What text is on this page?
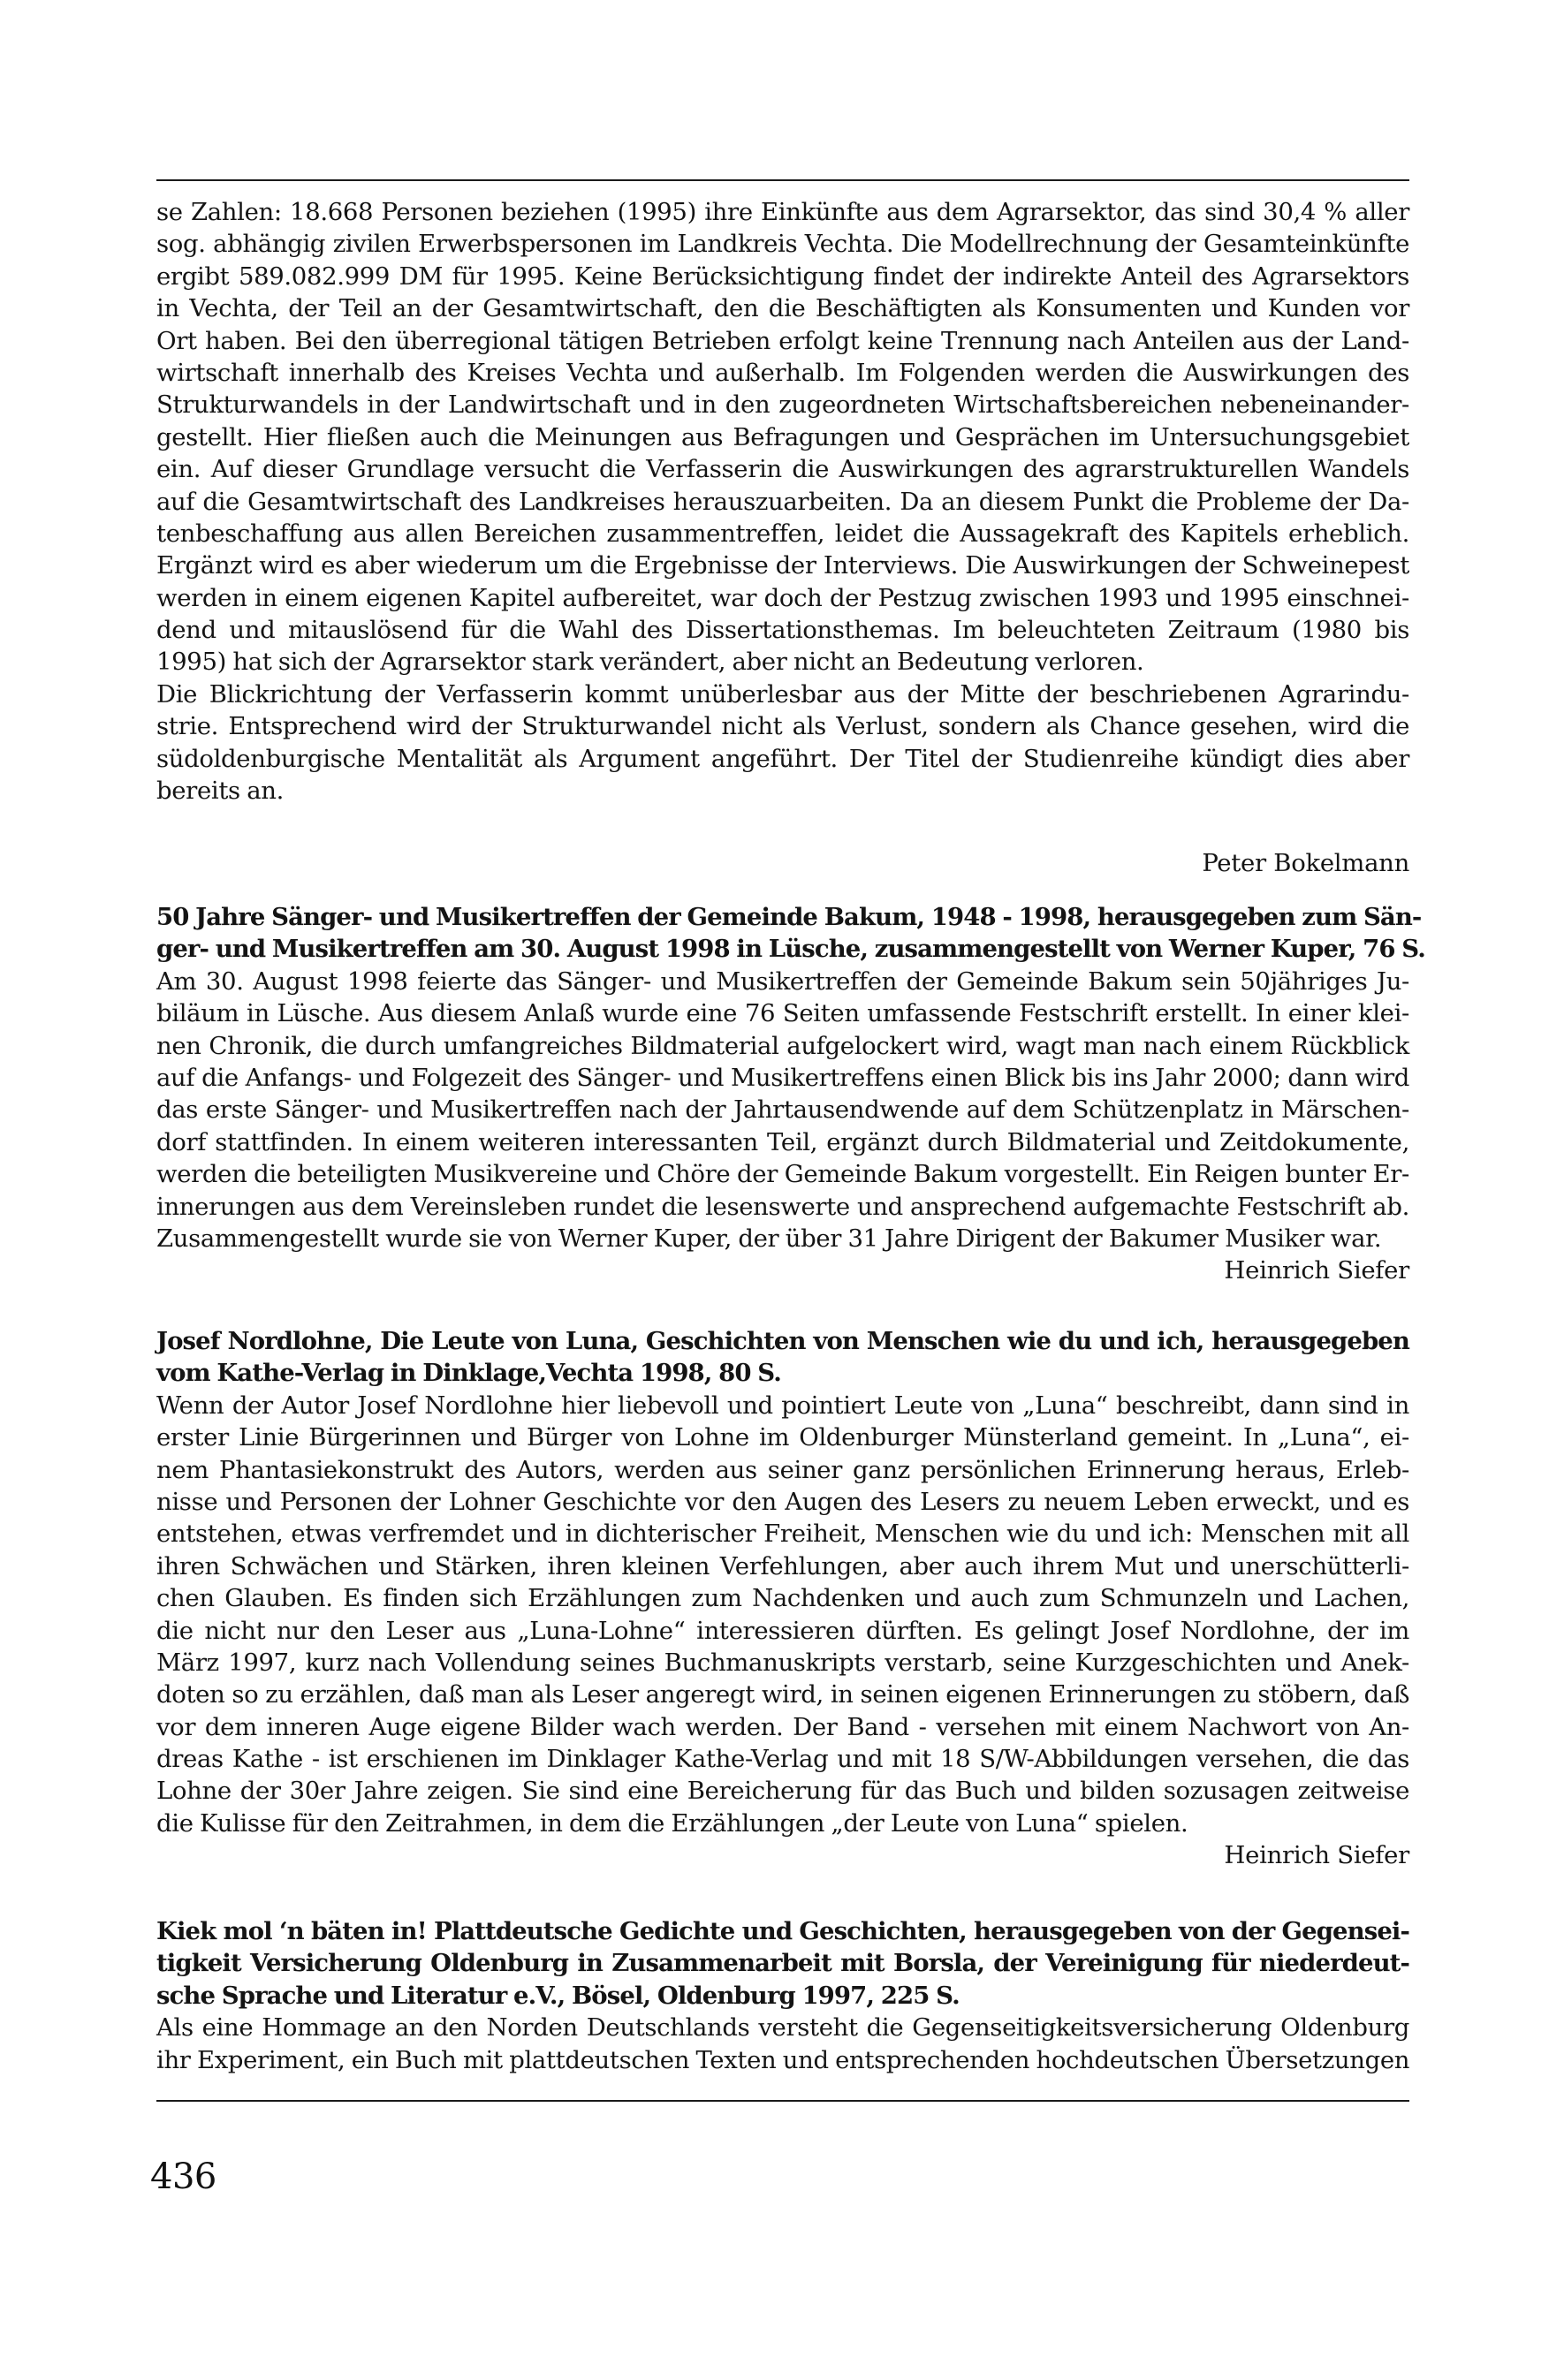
se Zahlen: 18.668 Personen beziehen (1995) ihre Einkünfte aus dem Agrarsektor, das sind 30,4 % aller
sog. abhängig zivilen Erwerbspersonen im Landkreis Vechta. Die Modellrechnung der Gesamteinkünfte
ergibt 589.082.999 DM für 1995. Keine Berücksichtigung findet der indirekte Anteil des Agrarsektors
in Vechta, der Teil an der Gesamtwirtschaft, den die Beschäftigten als Konsumenten und Kunden vor
Ort haben. Bei den überregional tätigen Betrieben erfolgt keine Trennung nach Anteilen aus der Land-
wirtschaft innerhalb des Kreises Vechta und außerhalb. Im Folgenden werden die Auswirkungen des
Strukturwandels in der Landwirtschaft und in den zugeordneten Wirtschaftsbereichen nebeneinander-
gestellt. Hier fließen auch die Meinungen aus Befragungen und Gesprächen im Untersuchungsgebiet
ein. Auf dieser Grundlage versucht die Verfasserin die Auswirkungen des agrarstrukturellen Wandels
auf die Gesamtwirtschaft des Landkreises herauszuarbeiten. Da an diesem Punkt die Probleme der Da-
tenbeschaffung aus allen Bereichen zusammentreffen, leidet die Aussagekraft des Kapitels erheblich.
Ergänzt wird es aber wiederum um die Ergebnisse der Interviews. Die Auswirkungen der Schweinepest
werden in einem eigenen Kapitel aufbereitet, war doch der Pestzug zwischen 1993 und 1995 einschnei-
dend und mitauslösend für die Wahl des Dissertationsthemas. Im beleuchteten Zeitraum (1980 bis
1995) hat sich der Agrarsektor stark verändert, aber nicht an Bedeutung verloren.
Die Blickrichtung der Verfasserin kommt unüberlesbar aus der Mitte der beschriebenen Agrarindu-
strie. Entsprechend wird der Strukturwandel nicht als Verlust, sondern als Chance gesehen, wird die
südoldenburgische Mentalität als Argument angeführt. Der Titel der Studienreihe kündigt dies aber
bereits an.
Peter Bokelmann
50 Jahre Sänger- und Musikertreffen der Gemeinde Bakum, 1948 - 1998, herausgegeben zum Sän-
ger- und Musikertreffen am 30. August 1998 in Lüsche, zusammengestellt von Werner Kuper, 76 S.
Am 30. August 1998 feierte das Sänger- und Musikertreffen der Gemeinde Bakum sein 50jähriges Ju-
biläum in Lüsche. Aus diesem Anlaß wurde eine 76 Seiten umfassende Festschrift erstellt. In einer klei-
nen Chronik, die durch umfangreiches Bildmaterial aufgelockert wird, wagt man nach einem Rückblick
auf die Anfangs- und Folgezeit des Sänger- und Musikertreffens einen Blick bis ins Jahr 2000; dann wird
das erste Sänger- und Musikertreffen nach der Jahrtausendwende auf dem Schützenplatz in Märschen-
dorf stattfinden. In einem weiteren interessanten Teil, ergänzt durch Bildmaterial und Zeitdokumente,
werden die beteiligten Musikvereine und Chöre der Gemeinde Bakum vorgestellt. Ein Reigen bunter Er-
innerungen aus dem Vereinsleben rundet die lesenswerte und ansprechend aufgemachte Festschrift ab.
Zusammengestellt wurde sie von Werner Kuper, der über 31 Jahre Dirigent der Bakumer Musiker war.
Heinrich Siefer
Josef Nordlohne, Die Leute von Luna, Geschichten von Menschen wie du und ich, herausgegeben
vom Kathe-Verlag in Dinklage,Vechta 1998, 80 S.
Wenn der Autor Josef Nordlohne hier liebevoll und pointiert Leute von „Luna“ beschreibt, dann sind in
erster Linie Bürgerinnen und Bürger von Lohne im Oldenburger Münsterland gemeint. In „Luna“, ei-
nem Phantasiekonstrukt des Autors, werden aus seiner ganz persönlichen Erinnerung heraus, Erleb-
nisse und Personen der Lohner Geschichte vor den Augen des Lesers zu neuem Leben erweckt, und es
entstehen, etwas verfremdet und in dichterischer Freiheit, Menschen wie du und ich: Menschen mit all
ihren Schwächen und Stärken, ihren kleinen Verfehlungen, aber auch ihrem Mut und unerschütterli-
chen Glauben. Es finden sich Erzählungen zum Nachdenken und auch zum Schmunzeln und Lachen,
die nicht nur den Leser aus „Luna-Lohne“ interessieren dürften. Es gelingt Josef Nordlohne, der im
März 1997, kurz nach Vollendung seines Buchmanuskripts verstarb, seine Kurzgeschichten und Anek-
doten so zu erzählen, daß man als Leser angeregt wird, in seinen eigenen Erinnerungen zu stöbern, daß
vor dem inneren Auge eigene Bilder wach werden. Der Band - versehen mit einem Nachwort von An-
dreas Kathe - ist erschienen im Dinklager Kathe-Verlag und mit 18 S/W-Abbildungen versehen, die das
Lohne der 30er Jahre zeigen. Sie sind eine Bereicherung für das Buch und bilden sozusagen zeitweise
die Kulisse für den Zeitrahmen, in dem die Erzählungen „der Leute von Luna“ spielen.
Heinrich Siefer
Kiek mol ‘n bäten in! Plattdeutsche Gedichte und Geschichten, herausgegeben von der Gegensei-
tigkeit Versicherung Oldenburg in Zusammenarbeit mit Borsla, der Vereinigung für niederdeut-
sche Sprache und Literatur e.V., Bösel, Oldenburg 1997, 225 S.
Als eine Hommage an den Norden Deutschlands versteht die Gegenseitigkeitsversicherung Oldenburg
ihr Experiment, ein Buch mit plattdeutschen Texten und entsprechenden hochdeutschen Übersetzungen
436
